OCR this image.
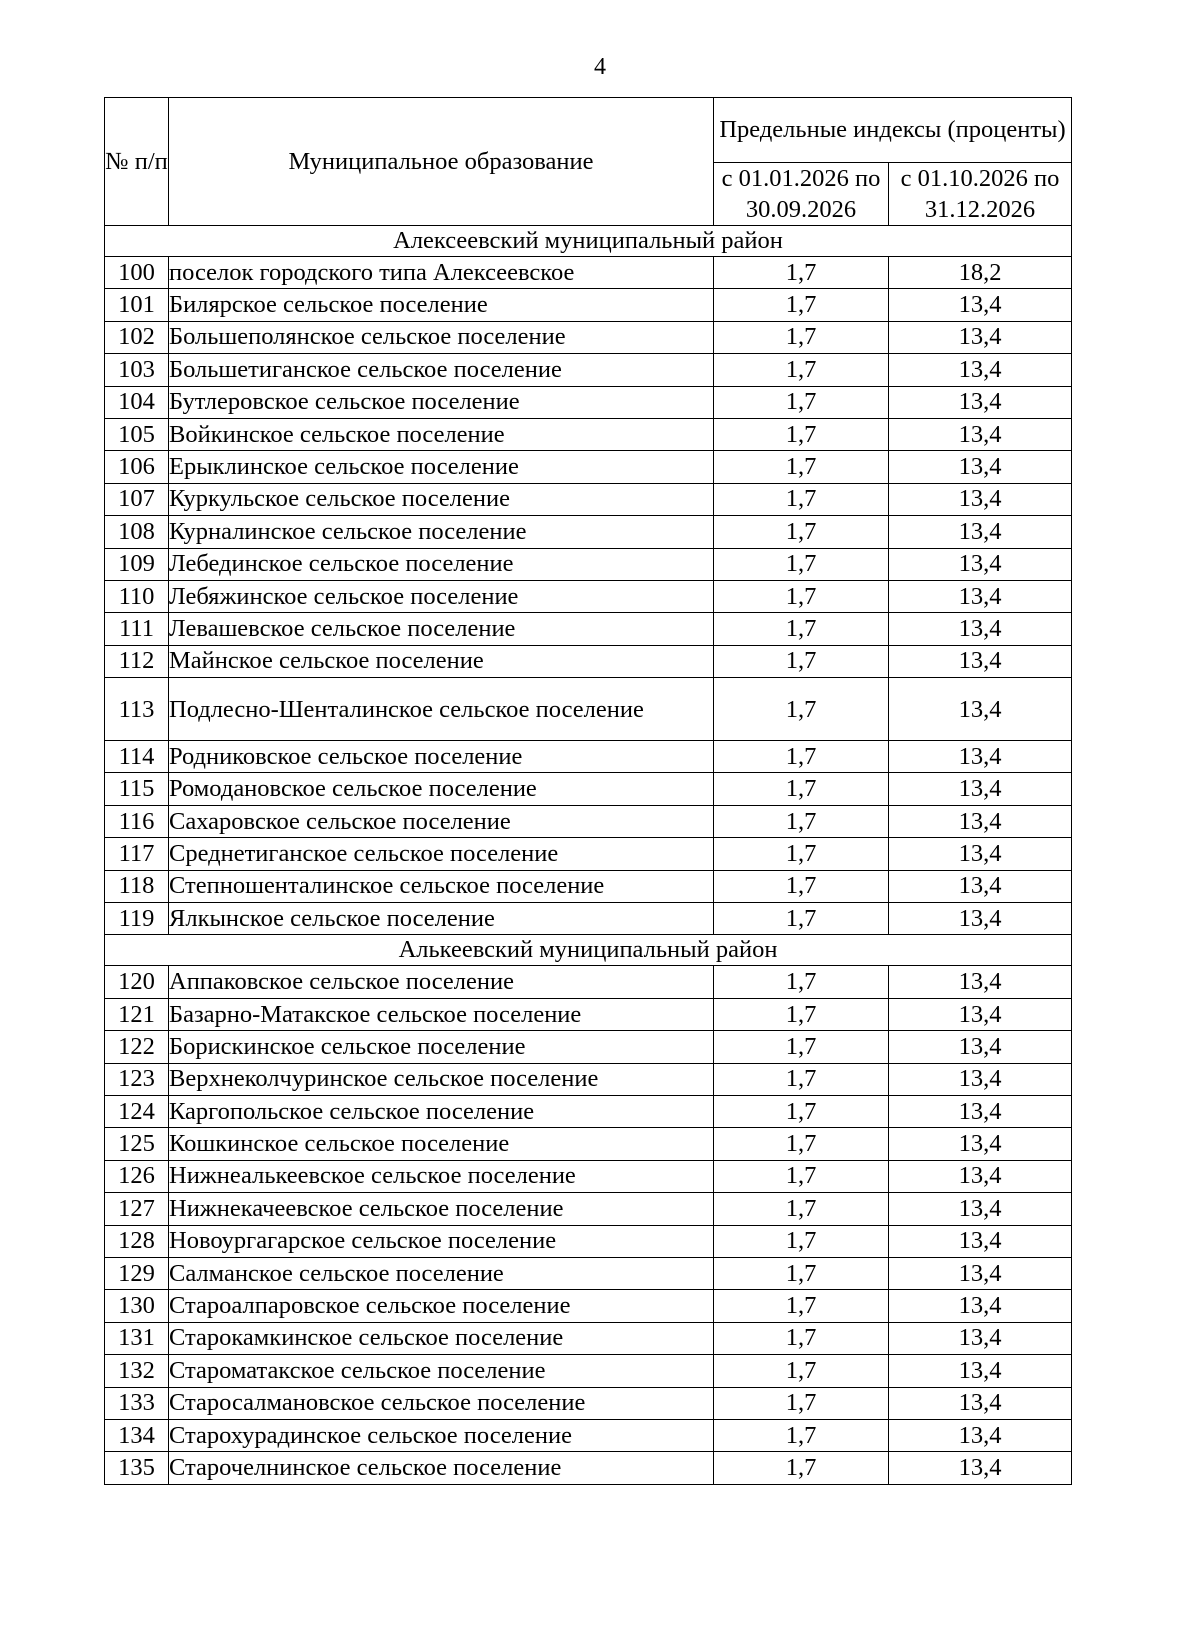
4
№ п/п	Муниципальное образование	Предельные индексы (проценты)	
		с 01.01.2026 по 30.09.2026	с 01.10.2026 по 31.12.2026
Алексеевский муниципальный район			
100	поселок городского типа Алексеевское	1,7	18,2
101	Билярское сельское поселение	1,7	13,4
102	Большеполянское сельское поселение	1,7	13,4
103	Большетиганское сельское поселение	1,7	13,4
104	Бутлеровское сельское поселение	1,7	13,4
105	Войкинское сельское поселение	1,7	13,4
106	Ерыклинское сельское поселение	1,7	13,4
107	Куркульское сельское поселение	1,7	13,4
108	Курналинское сельское поселение	1,7	13,4
109	Лебединское сельское поселение	1,7	13,4
110	Лебяжинское сельское поселение	1,7	13,4
111	Левашевское сельское поселение	1,7	13,4
112	Майнское сельское поселение	1,7	13,4
113	Подлесно-Шенталинское сельское поселение	1,7	13,4
114	Родниковское сельское поселение	1,7	13,4
115	Ромодановское сельское поселение	1,7	13,4
116	Сахаровское сельское поселение	1,7	13,4
117	Среднетиганское сельское поселение	1,7	13,4
118	Степношенталинское сельское поселение	1,7	13,4
119	Ялкынское сельское поселение	1,7	13,4
Алькеевский муниципальный район			
120	Аппаковское сельское поселение	1,7	13,4
121	Базарно-Матакское сельское поселение	1,7	13,4
122	Борискинское сельское поселение	1,7	13,4
123	Верхнеколчуринское сельское поселение	1,7	13,4
124	Каргопольское сельское поселение	1,7	13,4
125	Кошкинское сельское поселение	1,7	13,4
126	Нижнеалькеевское сельское поселение	1,7	13,4
127	Нижнекачеевское сельское поселение	1,7	13,4
128	Новоургагарское сельское поселение	1,7	13,4
129	Салманское сельское поселение	1,7	13,4
130	Староалпаровское сельское поселение	1,7	13,4
131	Старокамкинское сельское поселение	1,7	13,4
132	Староматакское сельское поселение	1,7	13,4
133	Старосалмановское сельское поселение	1,7	13,4
134	Старохурадинское сельское поселение	1,7	13,4
135	Старочелнинское сельское поселение	1,7	13,4
